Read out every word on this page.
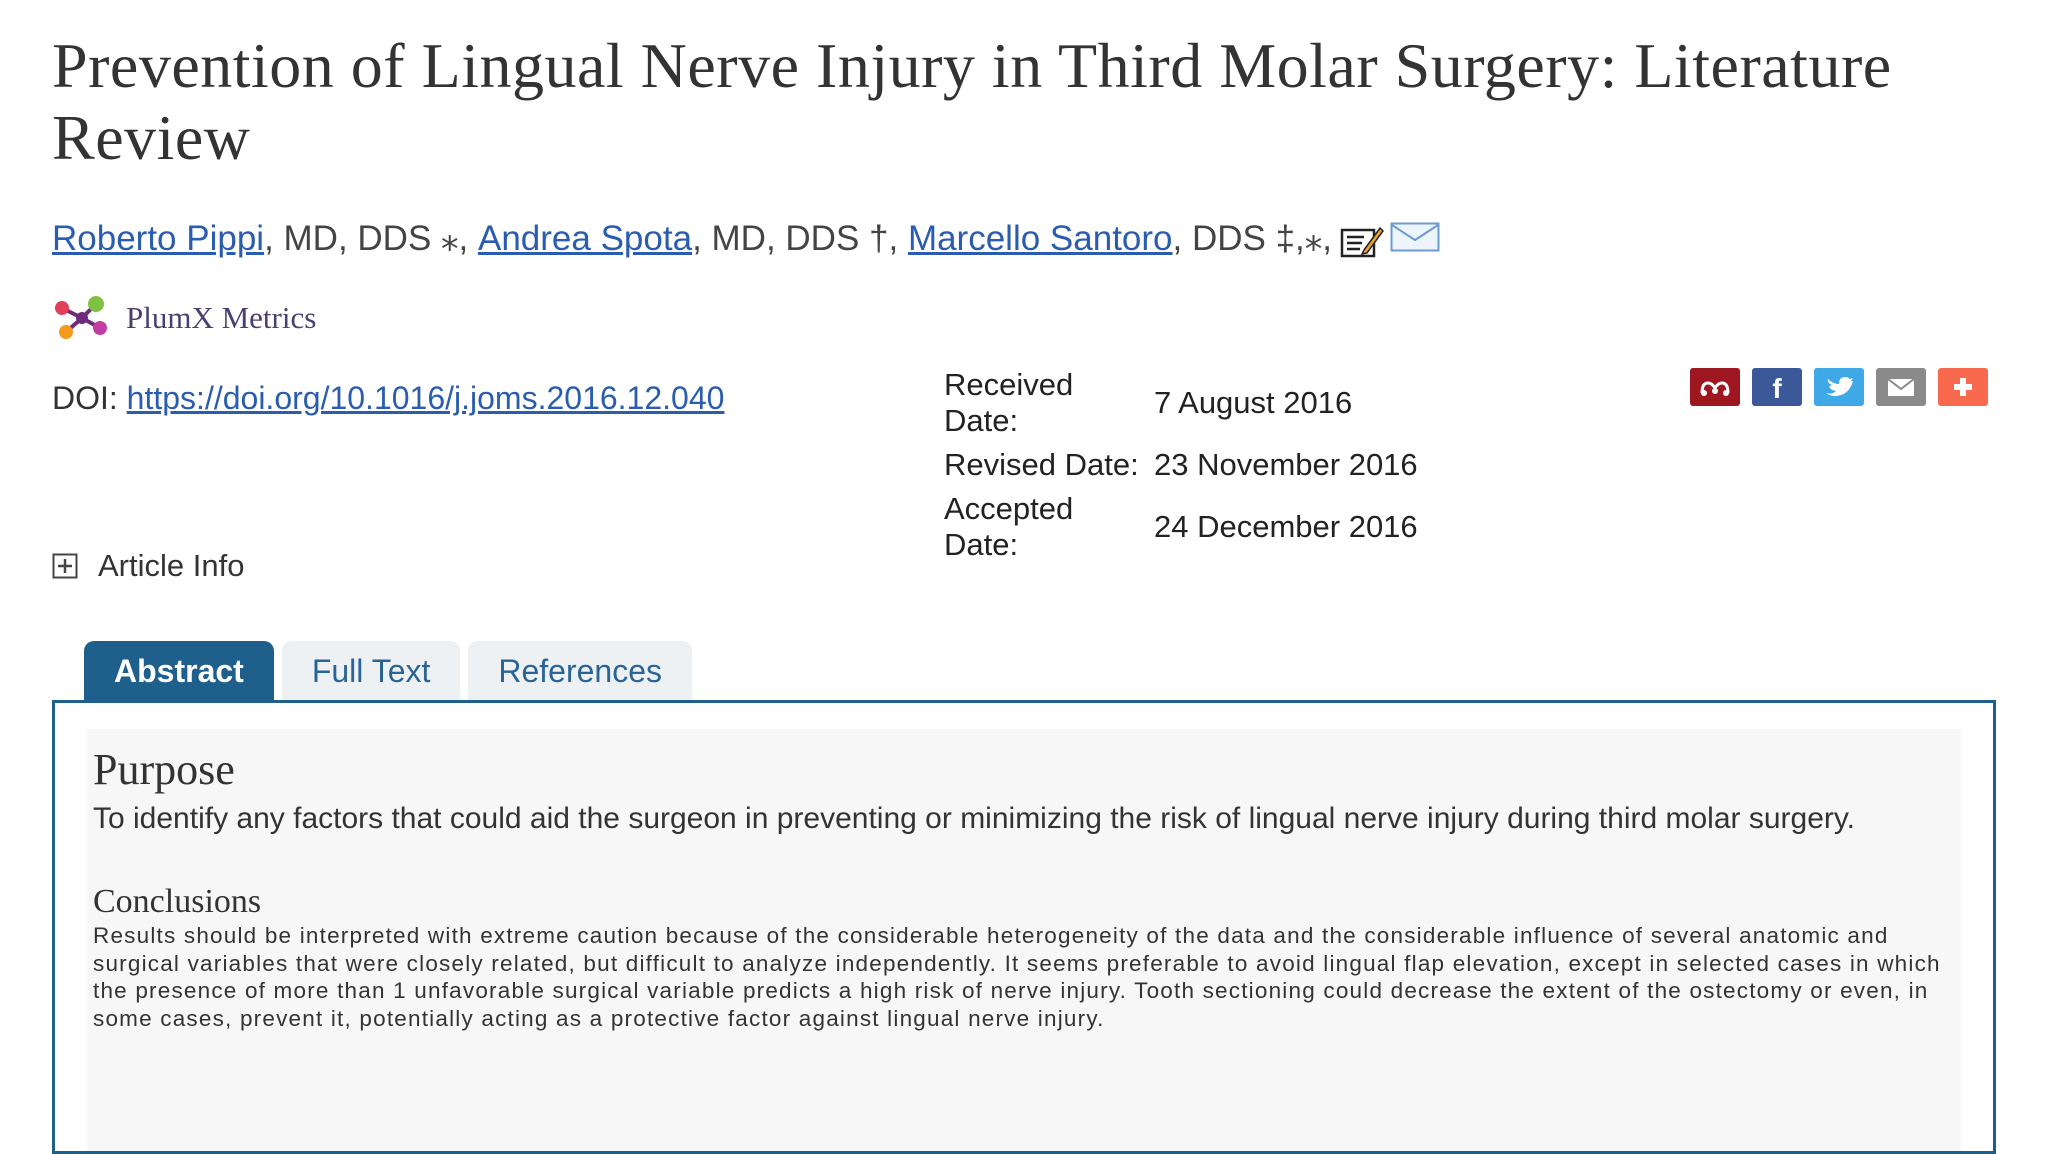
Prevention of Lingual Nerve Injury in Third Molar Surgery: Literature Review
Roberto Pippi , MD, DDS ⁎,
Andrea Spota , MD, DDS †,
Marcello Santoro , DDS ‡,⁎,
PlumX Metrics
DOI: https://doi.org/10.1016/j.joms.2016.12.040	Received Date:
7 August 2016
Revised Date: 23 November 2016
Accepted Date:
24 December 2016
f
Article Info
Abstract	Full Text	References
Purpose

To identify any factors that could aid the surgeon in preventing or minimizing the risk of lingual nerve injury during third molar surgery.

Conclusions

Results should be interpreted with extreme caution because of the considerable heterogeneity of the data and the considerable influence of several anatomic and surgical variables that were closely related, but difficult to analyze independently. It seems preferable to avoid lingual flap elevation, except in selected cases in which the presence of more than 1 unfavorable surgical variable predicts a high risk of nerve injury. Tooth sectioning could decrease the extent of the ostectomy or even, in some cases, prevent it, potentially acting as a protective factor against lingual nerve injury.
